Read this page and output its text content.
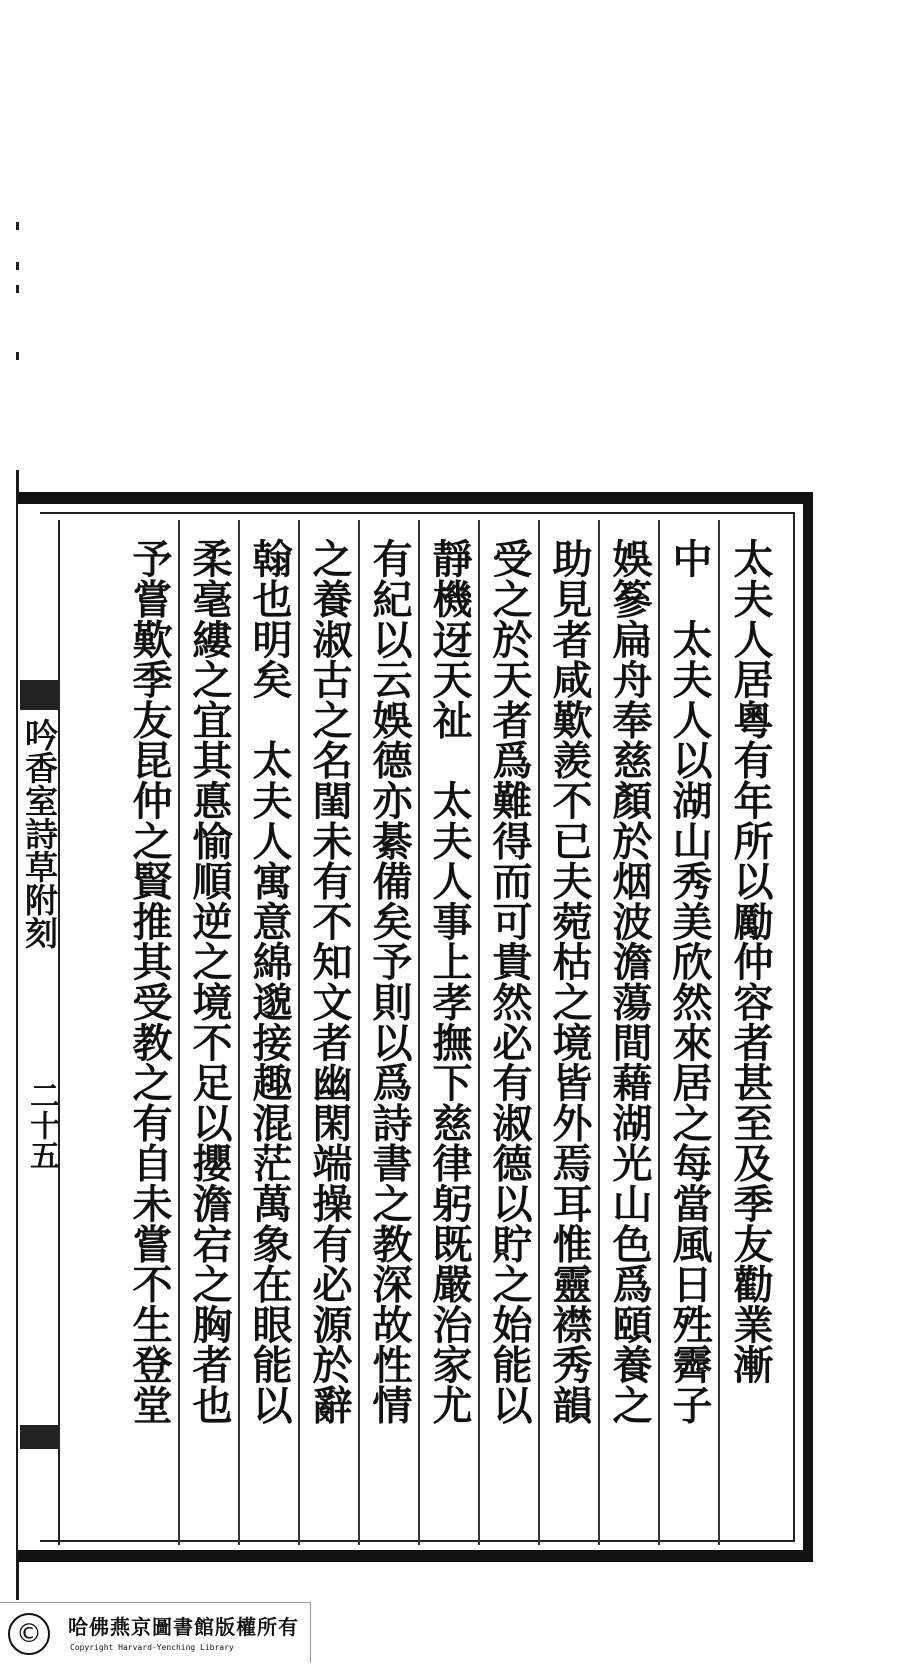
吟香室詩草附刻
二十五	太夫人居粵有年所以勵仲容者甚至及季友勸業漸
中　太夫人以湖山秀美欣然來居之每當風日殅霽子
娛篸扁舟奉慈顏於烟波澹蕩間藉湖光山色爲頤養之
助見者咸歎羨不已夫菀枯之境皆外焉耳惟靈襟秀韻
受之於天者爲難得而可貴然必有淑德以貯之始能以
靜機迓天祉　太夫人事上孝撫下慈律躬既嚴治家尤
有紀以云娛德亦綦備矣予則以爲詩書之教深故性情
之養淑古之名閨未有不知文者幽閑端操有必源於辭
翰也明矣　太夫人寓意綿邈接趣混茫萬象在眼能以
柔毫縷之宜其悳愉順逆之境不足以攖澹宕之胸者也
予嘗歎季友昆仲之賢推其受教之有自未嘗不生登堂
©	哈佛燕京圖書館版權所有
Copyright Harvard-Yenching Library
